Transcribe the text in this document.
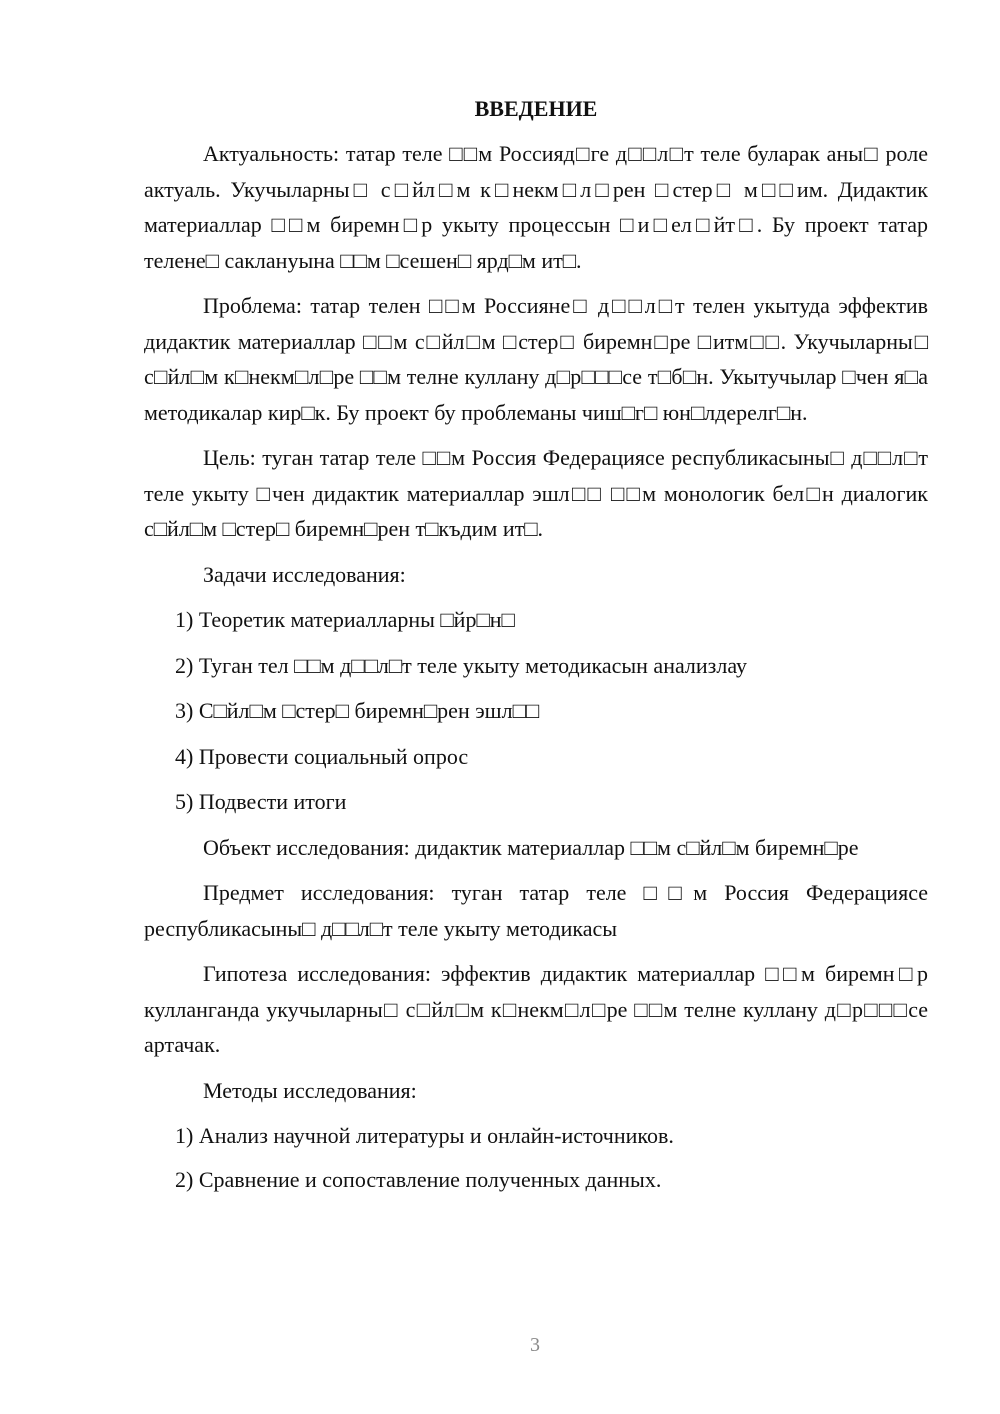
ВВЕДЕНИЕ

Актуальность: татар теле □□м Россияд□ге д□□л□т теле буларак аны□ роле актуаль. Укучыларны□ с□йл□м к□некм□л□рен □стер□ м□□им. Дидактик материаллар □□м биремн□р укыту процессын □и□ел□йт□. Бу проект татар телене□ саклануына □□м □сешен□ ярд□м ит□.

Проблема: татар телен □□м Россияне□ д□□л□т телен укытуда эффектив дидактик материаллар □□м с□йл□м □стер□ биремн□ре □итм□□. Укучыларны□ с□йл□м к□некм□л□ре □□м телне куллану д□р□□□се т□б□н. Укытучылар □чен я□а методикалар кир□к. Бу проект бу проблеманы чиш□г□ юн□лдерелг□н.

Цель: туган татар теле □□м Россия Федерациясе республикасыны□ д□□л□т теле укыту □чен дидактик материаллар эшл□□ □□м монологик бел□н диалогик с□йл□м □стер□ биремн□рен т□къдим ит□.

Задачи исследования:

1) Теоретик материалларны □йр□н□
2) Туган тел □□м д□□л□т теле укыту методикасын анализлау
3) С□йл□м □стер□ биремн□рен эшл□□
4) Провести социальный опрос
5) Подвести итоги

Объект исследования: дидактик материаллар □□м с□йл□м биремн□ре

Предмет исследования: туган татар теле □□м Россия Федерациясе республикасыны□ д□□л□т теле укыту методикасы

Гипотеза исследования: эффектив дидактик материаллар □□м биремн□р кулланганда укучыларны□ с□йл□м к□некм□л□ре □□м телне куллану д□р□□□се артачак.

Методы исследования:

1) Анализ научной литературы и онлайн-источников.
2) Сравнение и сопоставление полученных данных.
3
